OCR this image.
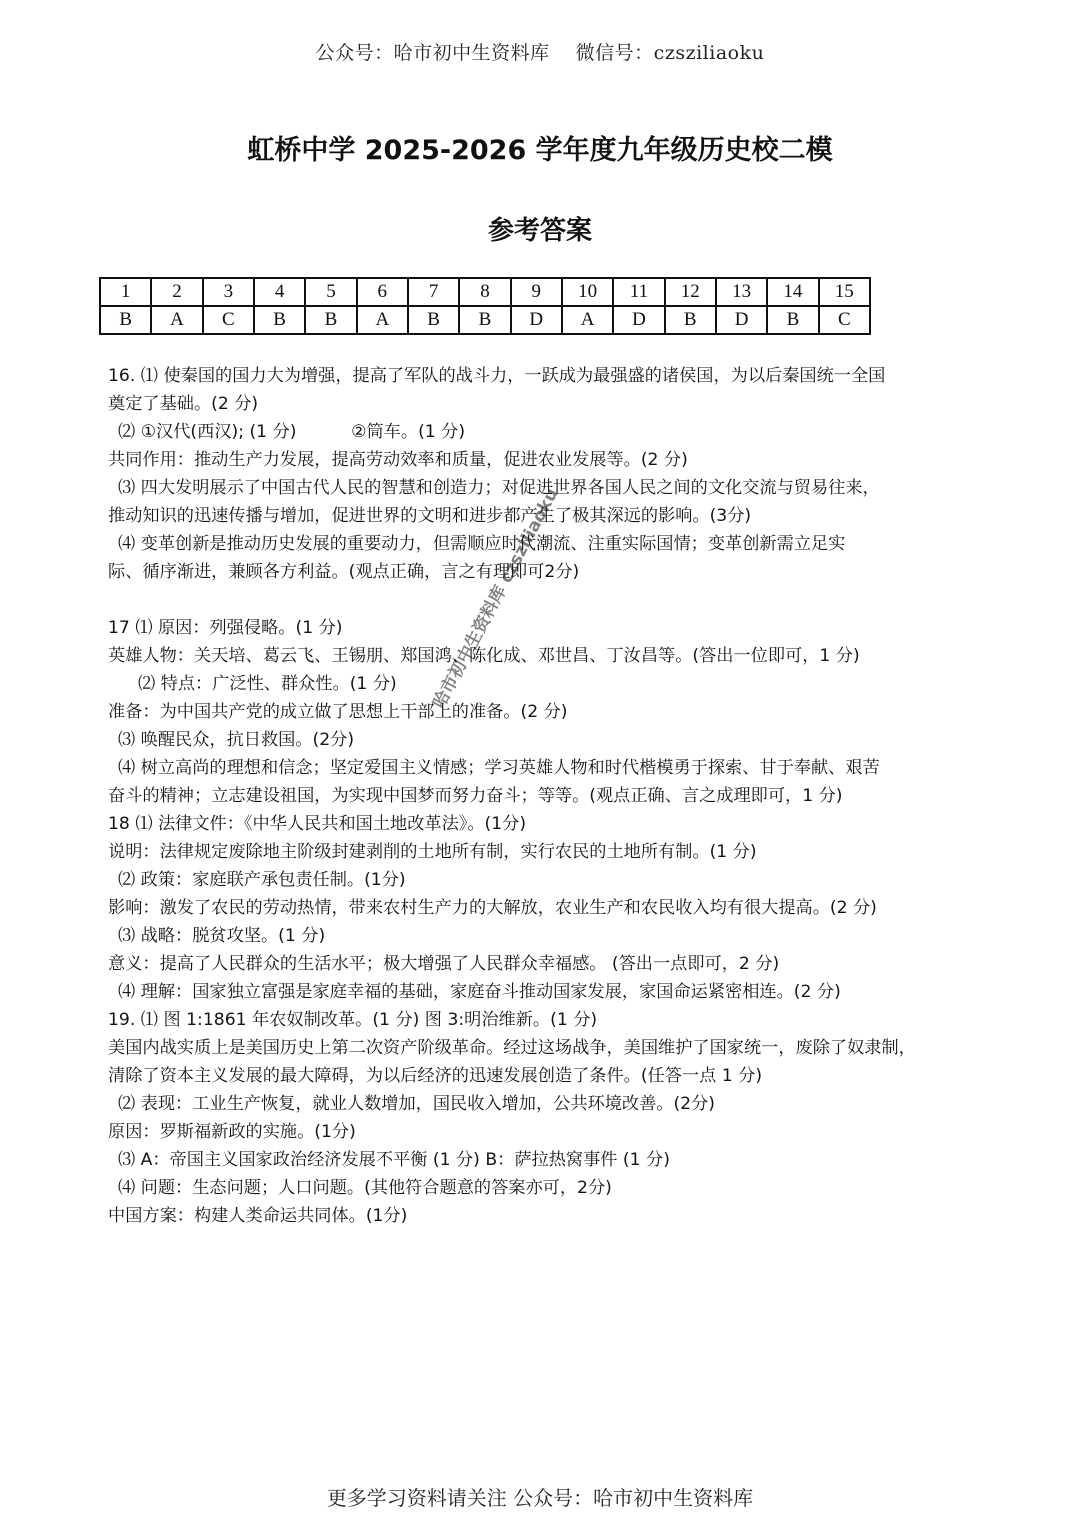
公众号：哈市初中生资料库 微信号：czsziliaoku
虹桥中学 2025-2026 学年度九年级历史校二模
参考答案
1	2	3	4	5	6	7	8	9	10	11	12	13	14	15
B	A	C	B	B	A	B	B	D	A	D	B	D	B	C

16. ⑴ 使秦国的国力大为增强，提高了军队的战斗力，一跃成为最强盛的诸侯国，为以后秦国统一全国

奠定了基础。(2 分)

⑵ ①汉代(西汉); (1 分)          ②筒车。(1 分)

共同作用：推动生产力发展，提高劳动效率和质量，促进农业发展等。(2 分)

⑶ 四大发明展示了中国古代人民的智慧和创造力；对促进世界各国人民之间的文化交流与贸易往来，

推动知识的迅速传播与增加，促进世界的文明和进步都产生了极其深远的影响。(3分)

⑷ 变革创新是推动历史发展的重要动力，但需顺应时代潮流、注重实际国情；变革创新需立足实

际、循序渐进，兼顾各方利益。(观点正确，言之有理即可2分)

17 ⑴ 原因：列强侵略。(1 分)

英雄人物：关天培、葛云飞、王锡朋、郑国鸿、陈化成、邓世昌、丁汝昌等。(答出一位即可，1 分)

⑵ 特点：广泛性、群众性。(1 分)

准备：为中国共产党的成立做了思想上干部上的准备。(2 分)

⑶ 唤醒民众，抗日救国。(2分)

⑷ 树立高尚的理想和信念；坚定爱国主义情感；学习英雄人物和时代楷模勇于探索、甘于奉献、艰苦

奋斗的精神；立志建设祖国，为实现中国梦而努力奋斗；等等。(观点正确、言之成理即可，1 分)

18 ⑴ 法律文件：《中华人民共和国土地改革法》。(1分)

说明：法律规定废除地主阶级封建剥削的土地所有制，实行农民的土地所有制。(1 分)

⑵ 政策：家庭联产承包责任制。(1分)

影响：激发了农民的劳动热情，带来农村生产力的大解放，农业生产和农民收入均有很大提高。(2 分)

⑶ 战略：脱贫攻坚。(1 分)

意义：提高了人民群众的生活水平；极大增强了人民群众幸福感。 (答出一点即可，2 分)

⑷ 理解：国家独立富强是家庭幸福的基础，家庭奋斗推动国家发展，家国命运紧密相连。(2 分)

19. ⑴ 图 1:1861 年农奴制改革。(1 分) 图 3:明治维新。(1 分)

美国内战实质上是美国历史上第二次资产阶级革命。经过这场战争，美国维护了国家统一，废除了奴隶制，

清除了资本主义发展的最大障碍，为以后经济的迅速发展创造了条件。(任答一点 1 分)

⑵ 表现：工业生产恢复，就业人数增加，国民收入增加，公共环境改善。(2分)

原因：罗斯福新政的实施。(1分)

⑶ A：帝国主义国家政治经济发展不平衡 (1 分) B：萨拉热窝事件 (1 分)

⑷ 问题：生态问题；人口问题。(其他符合题意的答案亦可，2分)

中国方案：构建人类命运共同体。(1分)

哈市初中生资料库 czsziliaoku
更多学习资料请关注 公众号：哈市初中生资料库
